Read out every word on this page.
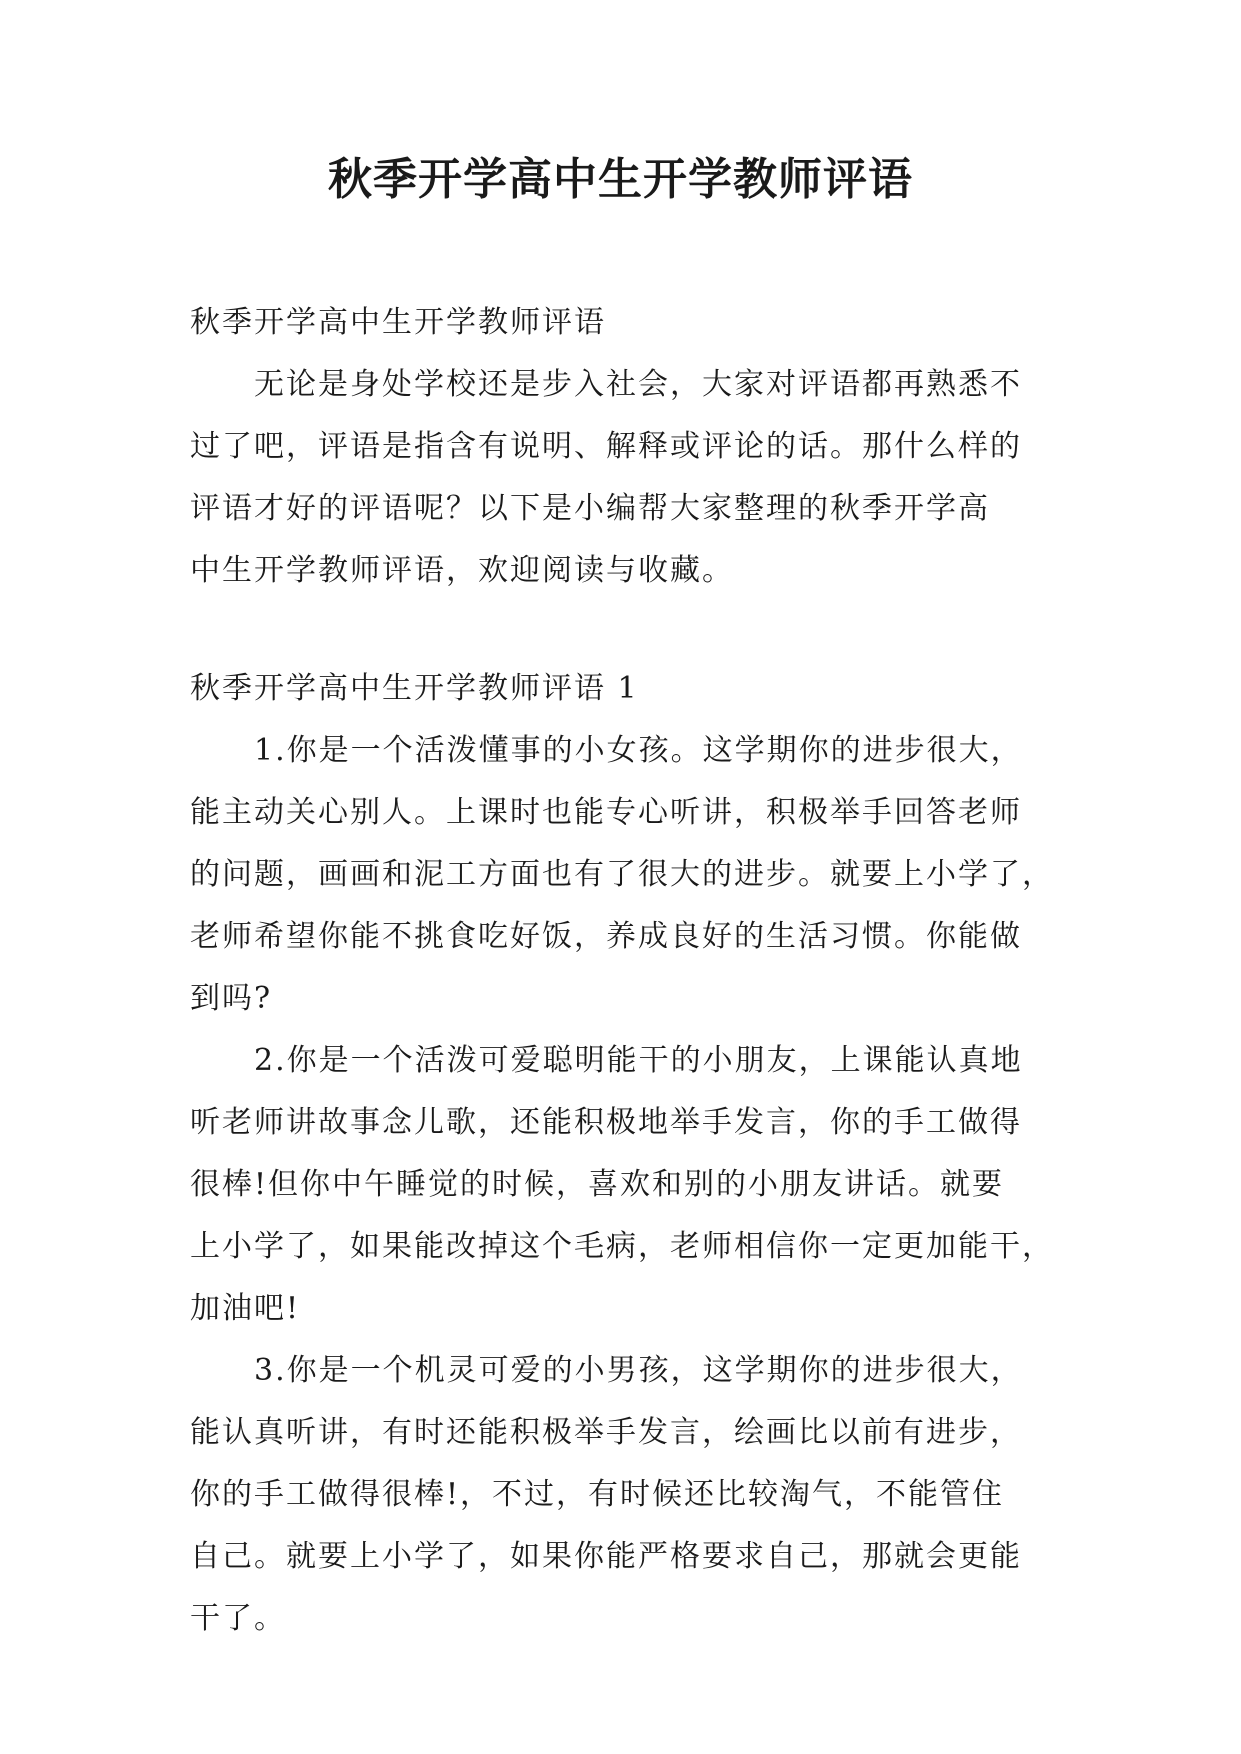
秋季开学高中生开学教师评语
秋季开学高中生开学教师评语
无论是身处学校还是步入社会，大家对评语都再熟悉不
过了吧，评语是指含有说明、解释或评论的话。那什么样的
评语才好的评语呢？以下是小编帮大家整理的秋季开学高
中生开学教师评语，欢迎阅读与收藏。
秋季开学高中生开学教师评语 1
1.你是一个活泼懂事的小女孩。这学期你的进步很大，
能主动关心别人。上课时也能专心听讲，积极举手回答老师
的问题，画画和泥工方面也有了很大的进步。就要上小学了，
老师希望你能不挑食吃好饭，养成良好的生活习惯。你能做
到吗?
2.你是一个活泼可爱聪明能干的小朋友，上课能认真地
听老师讲故事念儿歌，还能积极地举手发言，你的手工做得
很棒!但你中午睡觉的时候，喜欢和别的小朋友讲话。就要
上小学了，如果能改掉这个毛病，老师相信你一定更加能干，
加油吧!
3.你是一个机灵可爱的小男孩，这学期你的进步很大，
能认真听讲，有时还能积极举手发言，绘画比以前有进步，
你的手工做得很棒!，不过，有时候还比较淘气，不能管住
自己。就要上小学了，如果你能严格要求自己，那就会更能
干了。
